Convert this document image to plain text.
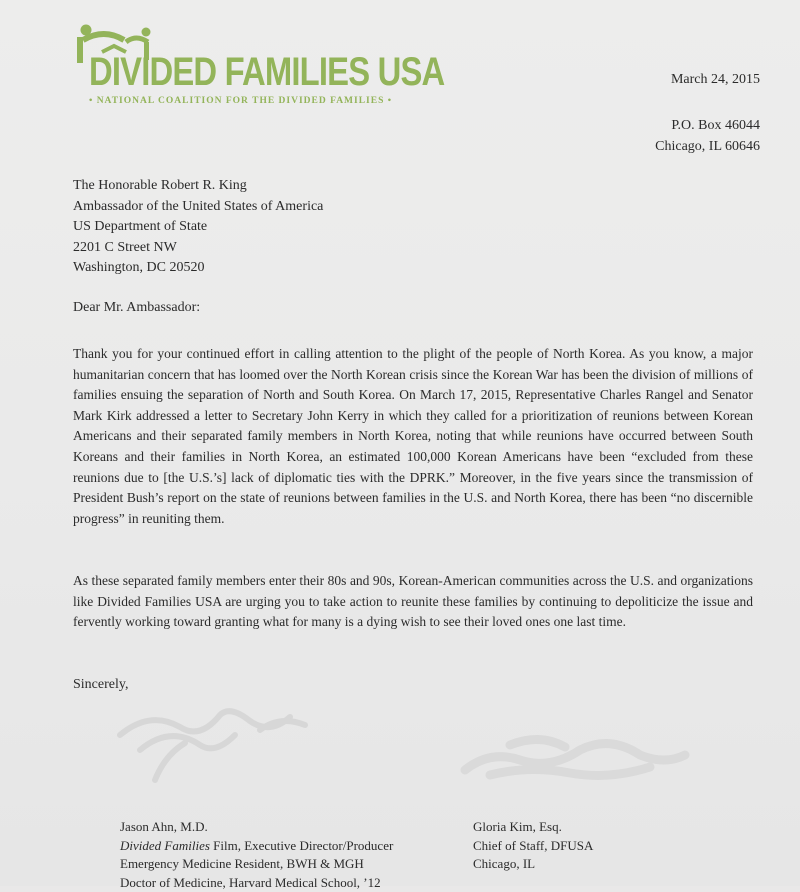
DIVIDED FAMILIES USA
• NATIONAL COALITION FOR THE DIVIDED FAMILIES •
March 24, 2015
P.O. Box 46044
Chicago, IL 60646
The Honorable Robert R. King
Ambassador of the United States of America
US Department of State
2201 C Street NW
Washington, DC 20520
Dear Mr. Ambassador:
Thank you for your continued effort in calling attention to the plight of the people of North Korea. As you know, a major humanitarian concern that has loomed over the North Korean crisis since the Korean War has been the division of millions of families ensuing the separation of North and South Korea. On March 17, 2015, Representative Charles Rangel and Senator Mark Kirk addressed a letter to Secretary John Kerry in which they called for a prioritization of reunions between Korean Americans and their separated family members in North Korea, noting that while reunions have occurred between South Koreans and their families in North Korea, an estimated 100,000 Korean Americans have been “excluded from these reunions due to [the U.S.’s] lack of diplomatic ties with the DPRK.” Moreover, in the five years since the transmission of President Bush’s report on the state of reunions between families in the U.S. and North Korea, there has been “no discernible progress” in reuniting them.
As these separated family members enter their 80s and 90s, Korean-American communities across the U.S. and organizations like Divided Families USA are urging you to take action to reunite these families by continuing to depoliticize the issue and fervently working toward granting what for many is a dying wish to see their loved ones one last time.
Sincerely,
Jason Ahn, M.D.
Divided Families Film, Executive Director/Producer
Emergency Medicine Resident, BWH & MGH
Doctor of Medicine, Harvard Medical School, ’12
Gloria Kim, Esq.
Chief of Staff, DFUSA
Chicago, IL
